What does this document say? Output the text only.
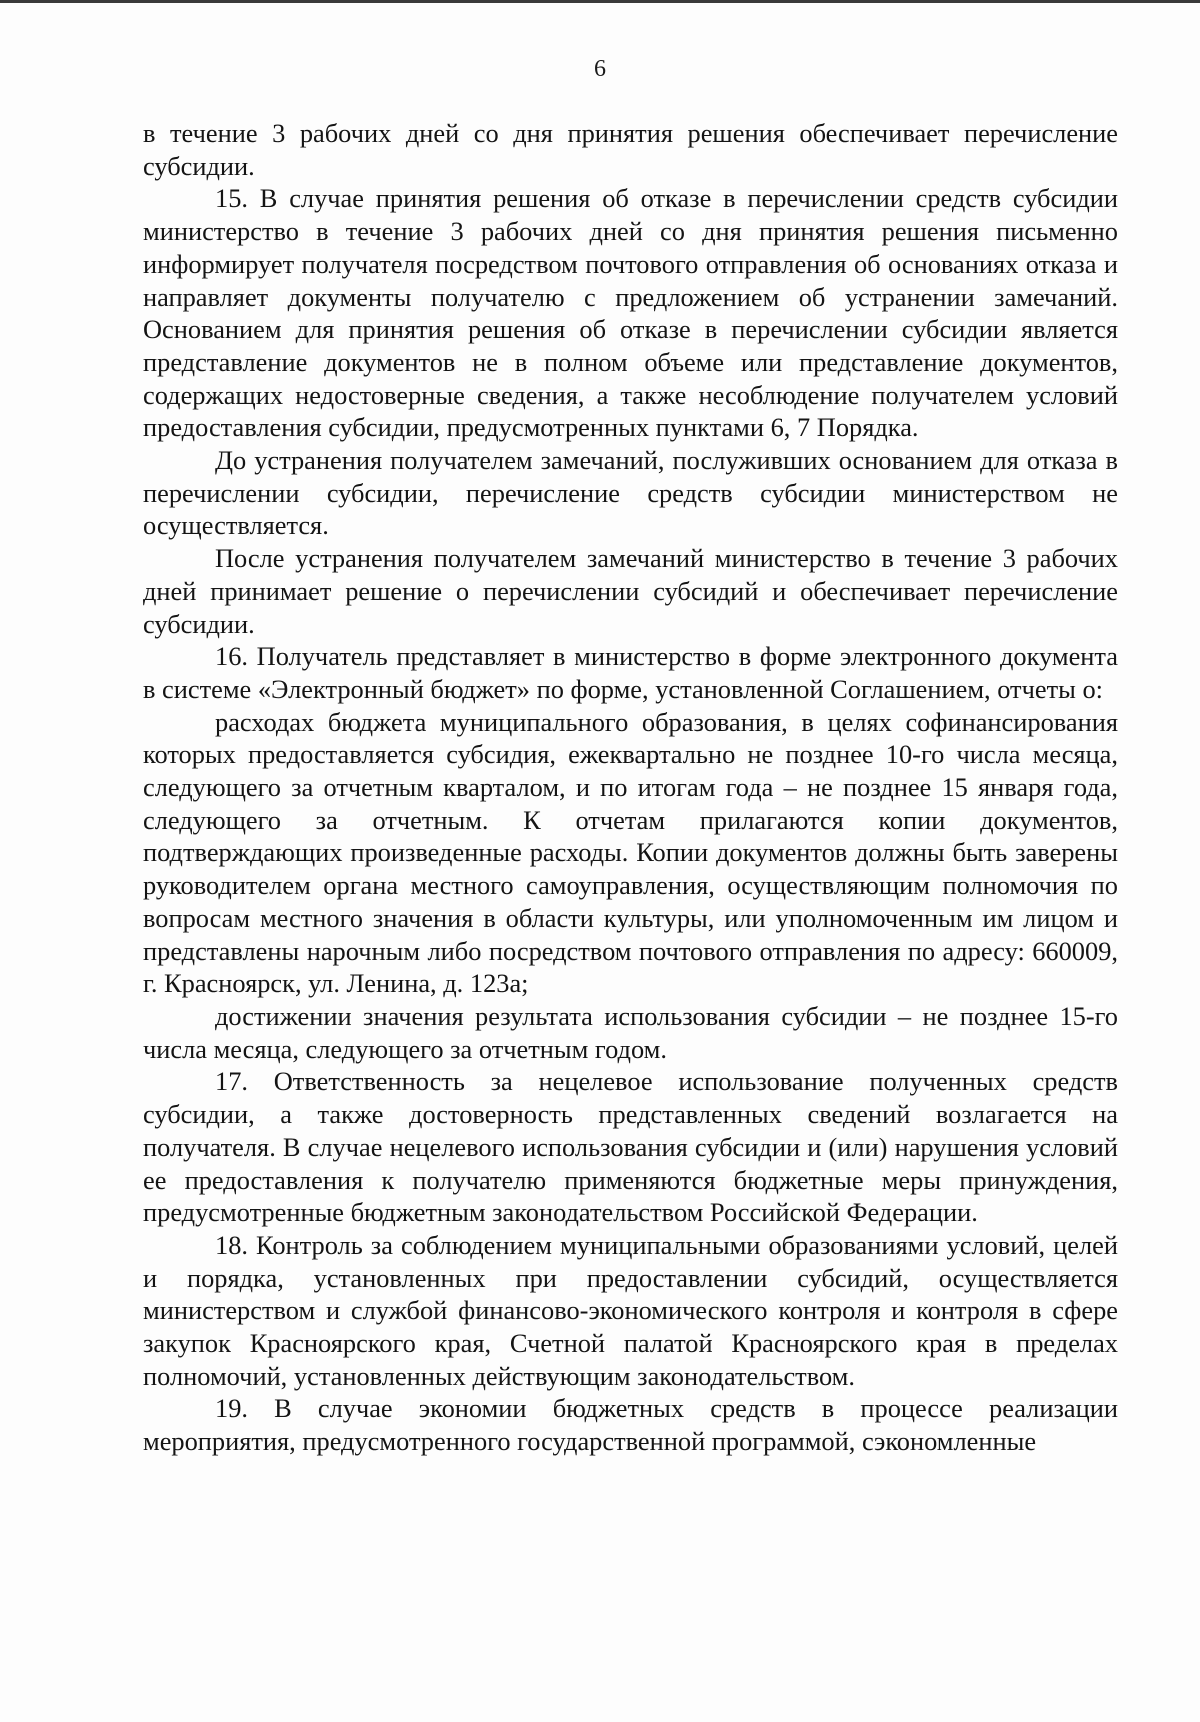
6

в течение 3 рабочих дней со дня принятия решения обеспечивает перечисление субсидии.

15. В случае принятия решения об отказе в перечислении средств субсидии министерство в течение 3 рабочих дней со дня принятия решения письменно информирует получателя посредством почтового отправления об основаниях отказа и направляет документы получателю с предложением об устранении замечаний. Основанием для принятия решения об отказе в перечислении субсидии является представление документов не в полном объеме или представление документов, содержащих недостоверные сведения, а также несоблюдение получателем условий предоставления субсидии, предусмотренных пунктами 6, 7 Порядка.

До устранения получателем замечаний, послуживших основанием для отказа в перечислении субсидии, перечисление средств субсидии министерством не осуществляется.

После устранения получателем замечаний министерство в течение 3 рабочих дней принимает решение о перечислении субсидий и обеспечивает перечисление субсидии.

16. Получатель представляет в министерство в форме электронного документа в системе «Электронный бюджет» по форме, установленной Соглашением, отчеты о:

расходах бюджета муниципального образования, в целях софинансирования которых предоставляется субсидия, ежеквартально не позднее 10-го числа месяца, следующего за отчетным кварталом, и по итогам года – не позднее 15 января года, следующего за отчетным. К отчетам прилагаются копии документов, подтверждающих произведенные расходы. Копии документов должны быть заверены руководителем органа местного самоуправления, осуществляющим полномочия по вопросам местного значения в области культуры, или уполномоченным им лицом и представлены нарочным либо посредством почтового отправления по адресу: 660009, г. Красноярск, ул. Ленина, д. 123а;

достижении значения результата использования субсидии – не позднее 15-го числа месяца, следующего за отчетным годом.

17. Ответственность за нецелевое использование полученных средств субсидии, а также достоверность представленных сведений возлагается на получателя. В случае нецелевого использования субсидии и (или) нарушения условий ее предоставления к получателю применяются бюджетные меры принуждения, предусмотренные бюджетным законодательством Российской Федерации.

18. Контроль за соблюдением муниципальными образованиями условий, целей и порядка, установленных при предоставлении субсидий, осуществляется министерством и службой финансово-экономического контроля и контроля в сфере закупок Красноярского края, Счетной палатой Красноярского края в пределах полномочий, установленных действующим законодательством.

19. В случае экономии бюджетных средств в процессе реализации мероприятия, предусмотренного государственной программой, сэкономленные
